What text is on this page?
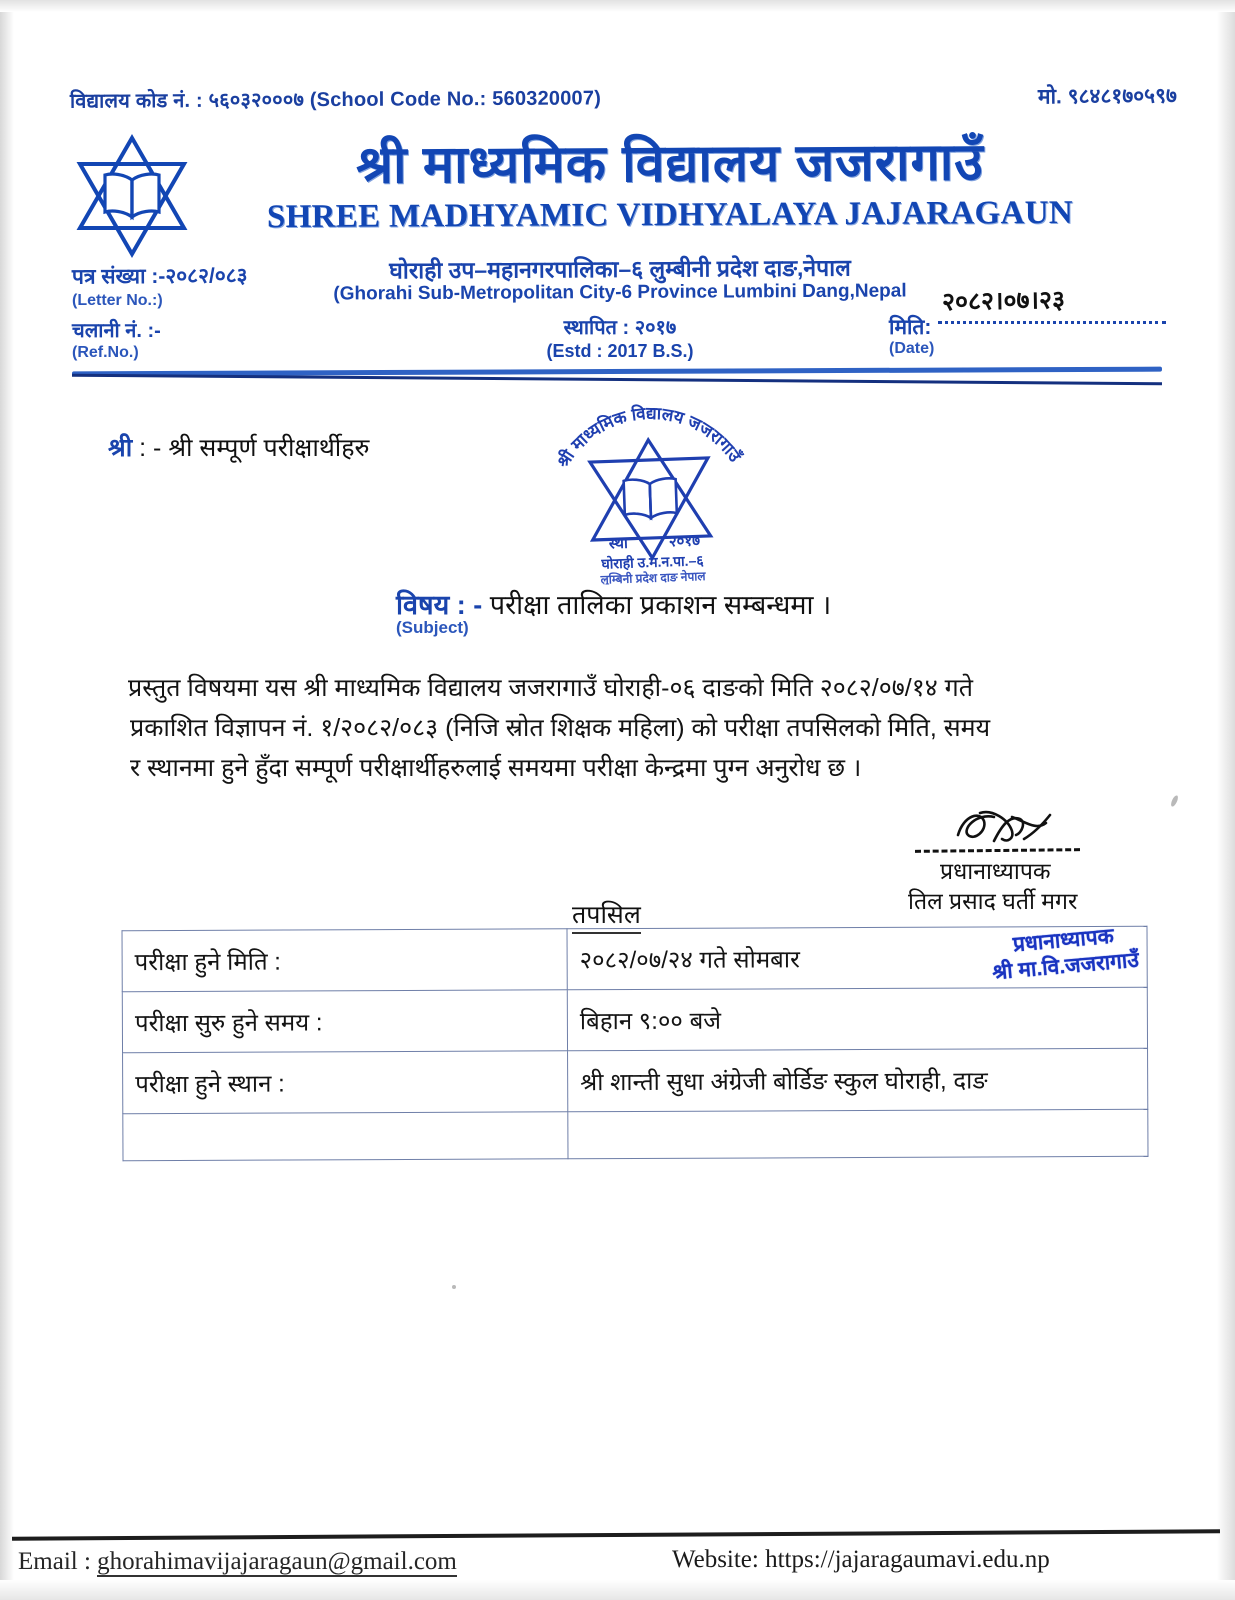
विद्यालय कोड नं. : ५६०३२०००७ (School Code No.: 560320007)	मो. ९८४८१७०५९७
श्री माध्यमिक विद्यालय जजरागाउँ
SHREE MADHYAMIC VIDHYALAYA JAJARAGAUN
घोराही उप–महानगरपालिका–६ लुम्बीनी प्रदेश दाङ,नेपाल
(Ghorahi Sub-Metropolitan City-6 Province Lumbini Dang,Nepal
स्थापित : २०१७
(Estd : 2017 B.S.)
पत्र संख्या :-२०८२/०८३
(Letter No.:)
चलानी नं. :-
(Ref.No.)
२०८२।०७।२३
मिति:
(Date)
श्री : - श्री सम्पूर्ण परीक्षार्थीहरु	श्री माध्यमिक विद्यालय जजरागाउँ
स्था	२०१७
घोराही उ.म.न.पा.–६
लुम्बिनी प्रदेश दाङ नेपाल
विषय : - परीक्षा तालिका प्रकाशन सम्बन्धमा ।
(Subject)
प्रस्तुत विषयमा यस श्री माध्यमिक विद्यालय जजरागाउँ घोराही-०६ दाङको मिति २०८२/०७/१४ गते
प्रकाशित विज्ञापन नं. १/२०८२/०८३ (निजि स्रोत शिक्षक महिला) को परीक्षा तपसिलको मिति, समय
र स्थानमा हुने हुँदा सम्पूर्ण परीक्षार्थीहरुलाई समयमा परीक्षा केन्द्रमा पुग्न अनुरोध छ ।
प्रधानाध्यापक
तिल प्रसाद घर्ती मगर
तपसिल
परीक्षा हुने मिति :	२०८२/०७/२४ गते सोमबार
परीक्षा सुरु हुने समय :	बिहान ९:०० बजे
परीक्षा हुने स्थान :	श्री शान्ती सुधा अंग्रेजी बोर्डिङ स्कुल घोराही, दाङ

प्रधानाध्यापक
श्री मा.वि.जजरागाउँ
Email : ghorahimavijajaragaun@gmail.com	Website: https://jajaragaumavi.edu.np
